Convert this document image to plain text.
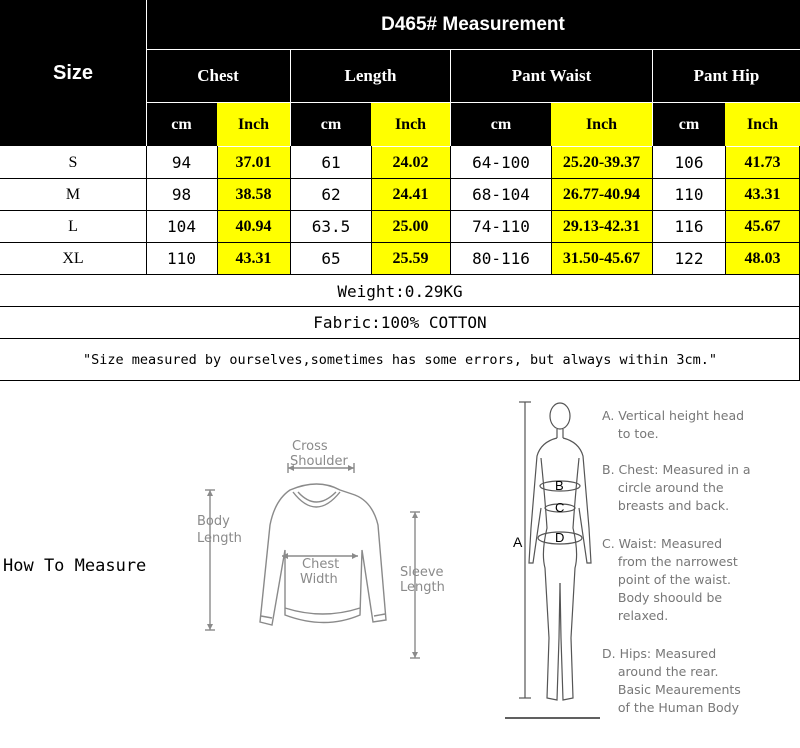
Size
D465# Measurement
Chest	Length	Pant Waist	Pant Hip
cm	Inch	cm	Inch	cm	Inch	cm	Inch
S	94	37.01	61	24.02	64-100	25.20-39.37	106	41.73
M	98	38.58	62	24.41	68-104	26.77-40.94	110	43.31
L	104	40.94	63.5	25.00	74-110	29.13-42.31	116	45.67
XL	110	43.31	65	25.59	80-116	31.50-45.67	122	48.03
Weight:0.29KG
Fabric:100% COTTON
"Size measured by ourselves,sometimes has some errors, but always within 3cm."
How To Measure
Cross
Shoulder
Body
Length
Chest
Width	Sleeve
Length
A
B
C
D
A. Vertical height head
to toe.
B. Chest: Measured in a
circle around the
breasts and back.
C. Waist: Measured
from the narrowest
point of the waist.
Body shoould be
relaxed.
D. Hips: Measured
around the rear.
Basic Meaurements
of the Human Body
